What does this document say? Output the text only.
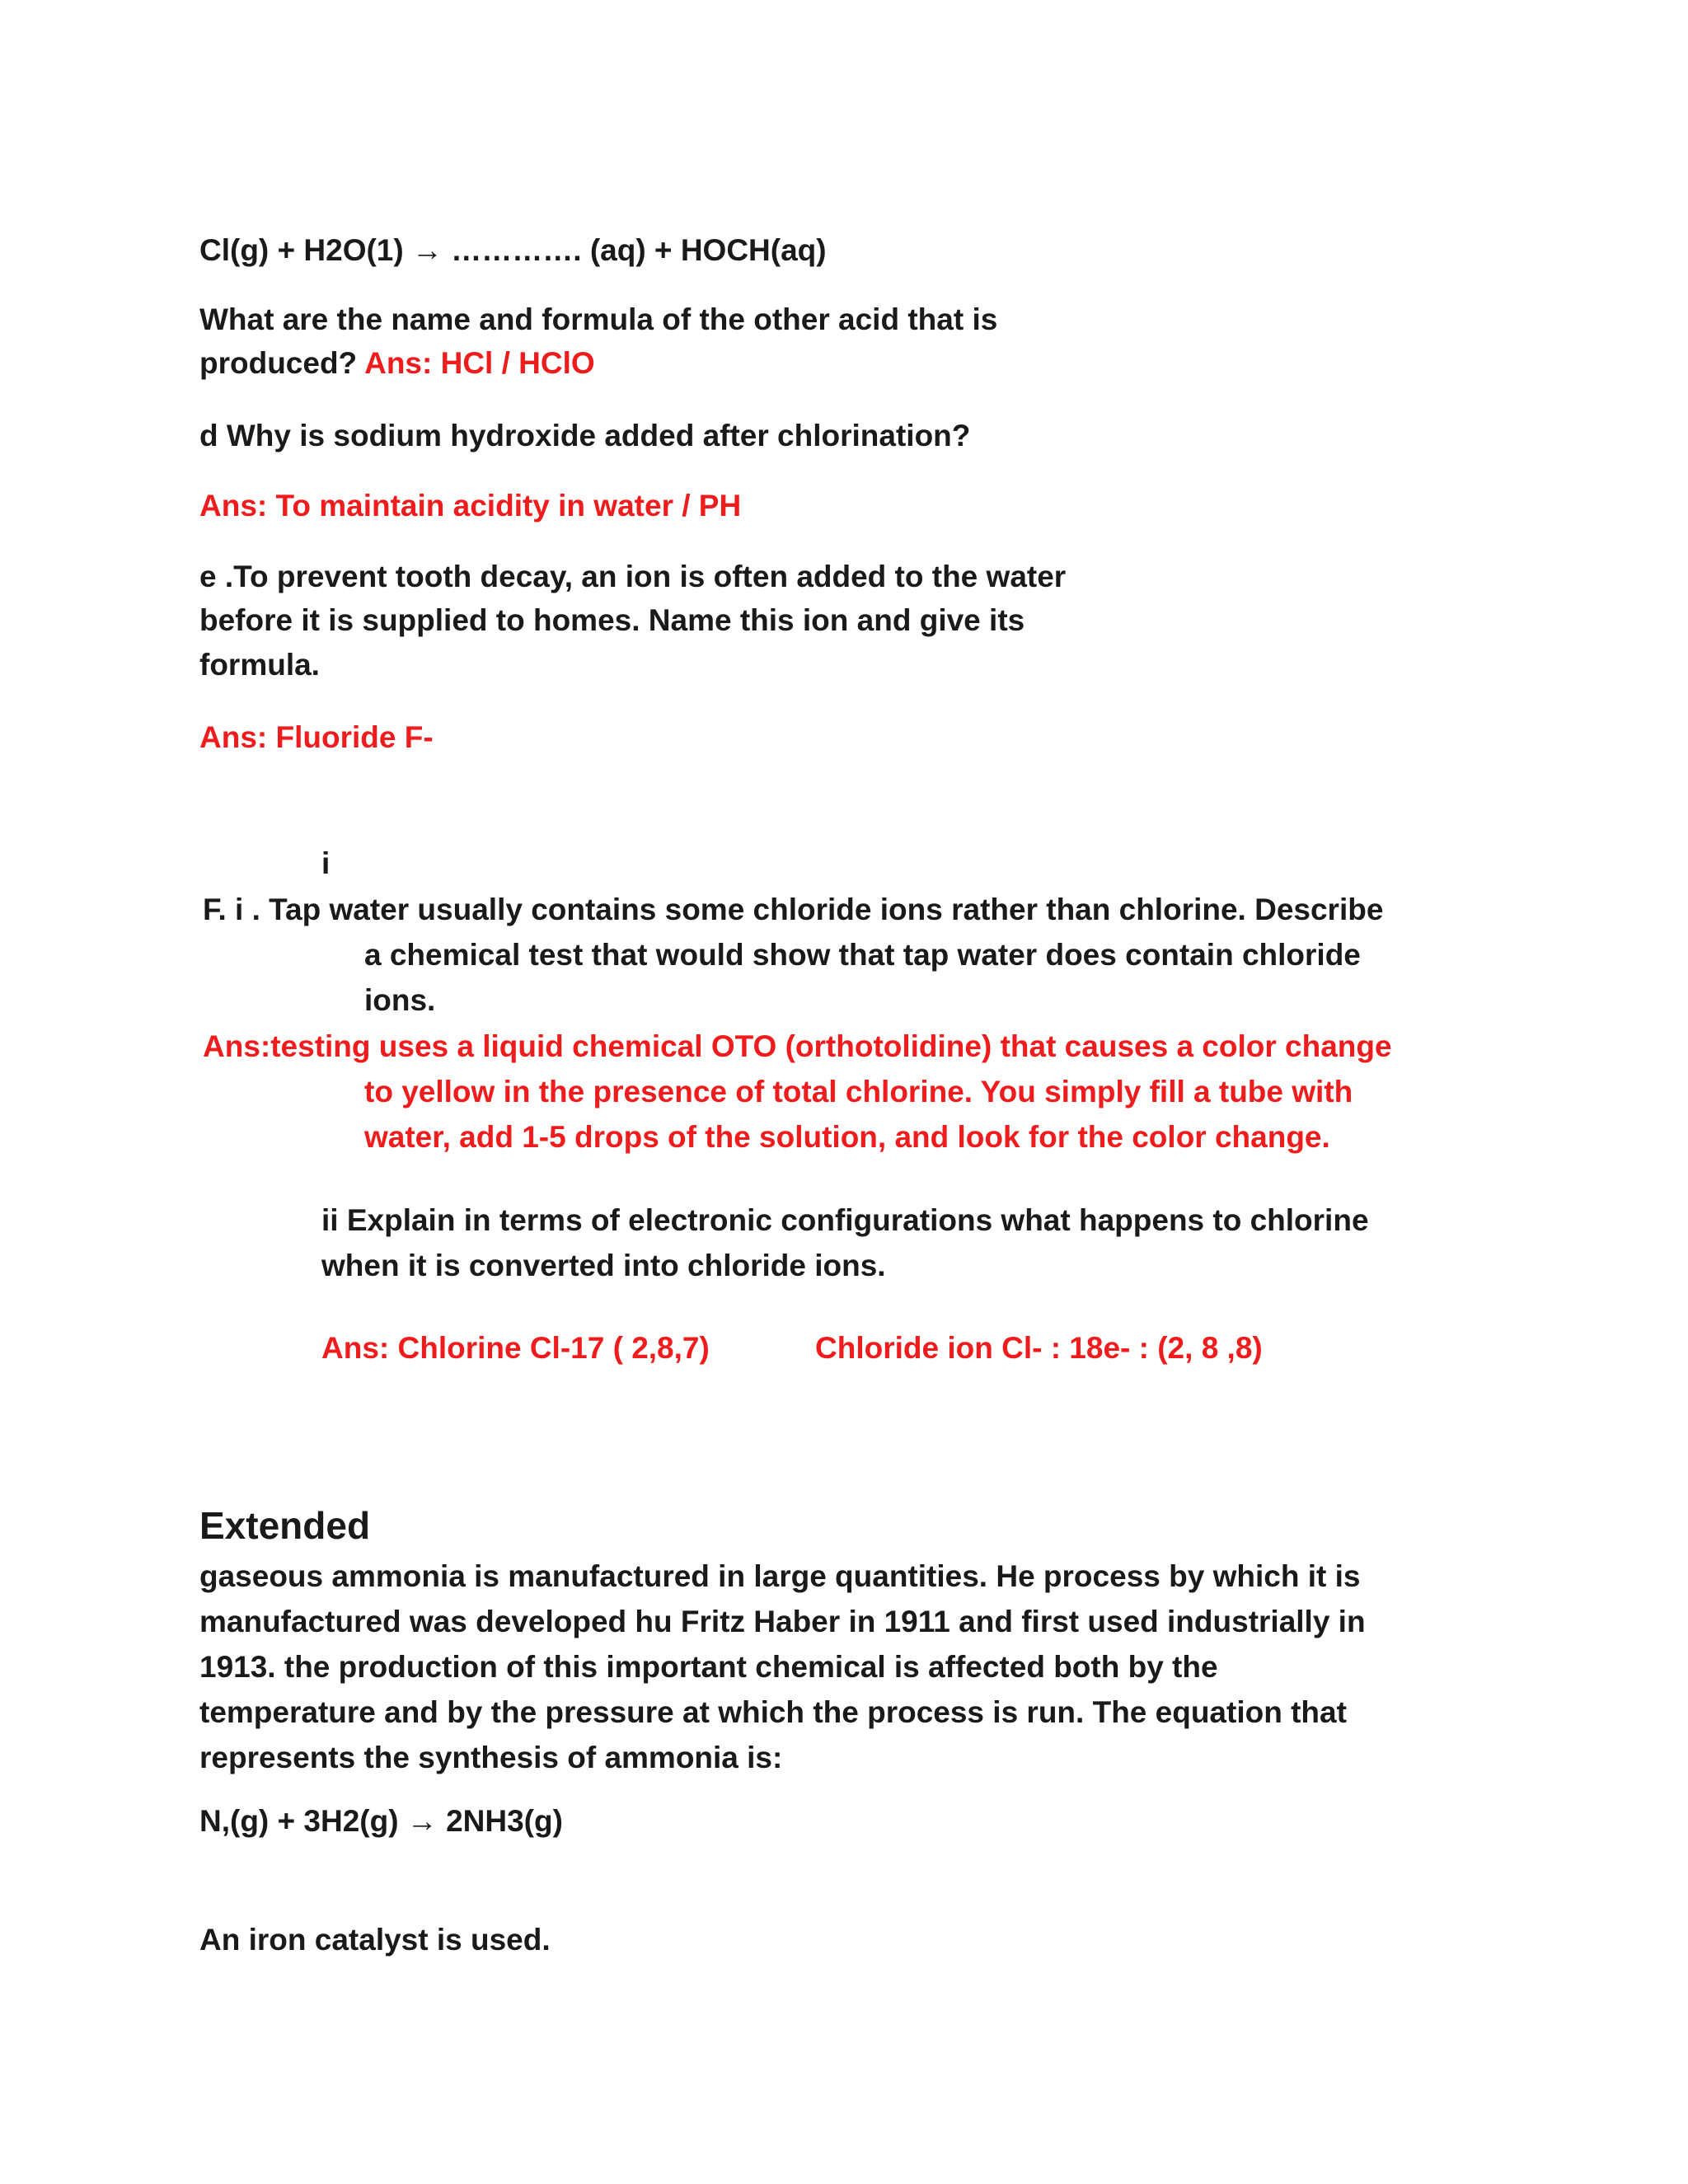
Cl(g) + H2O(1) → …………. (aq) + HOCH(aq)
What are the name and formula of the other acid that is
produced? Ans: HCl / HClO
d Why is sodium hydroxide added after chlorination?
Ans: To maintain acidity in water / PH
e .To prevent tooth decay, an ion is often added to the water
before it is supplied to homes. Name this ion and give its
formula.
Ans: Fluoride F-
i
F. i . Tap water usually contains some chloride ions rather than chlorine. Describe
a chemical test that would show that tap water does contain chloride
ions.
Ans:testing uses a liquid chemical OTO (orthotolidine) that causes a color change
to yellow in the presence of total chlorine. You simply fill a tube with
water, add 1-5 drops of the solution, and look for the color change.
ii Explain in terms of electronic configurations what happens to chlorine
when it is converted into chloride ions.
Ans: Chlorine Cl-17 ( 2,8,7)	Chloride ion Cl- : 18e- : (2, 8 ,8)
Extended
gaseous ammonia is manufactured in large quantities. He process by which it is
manufactured was developed hu Fritz Haber in 1911 and first used industrially in
1913. the production of this important chemical is affected both by the
temperature and by the pressure at which the process is run. The equation that
represents the synthesis of ammonia is:
N,(g) + 3H2(g) → 2NH3(g)
An iron catalyst is used.
